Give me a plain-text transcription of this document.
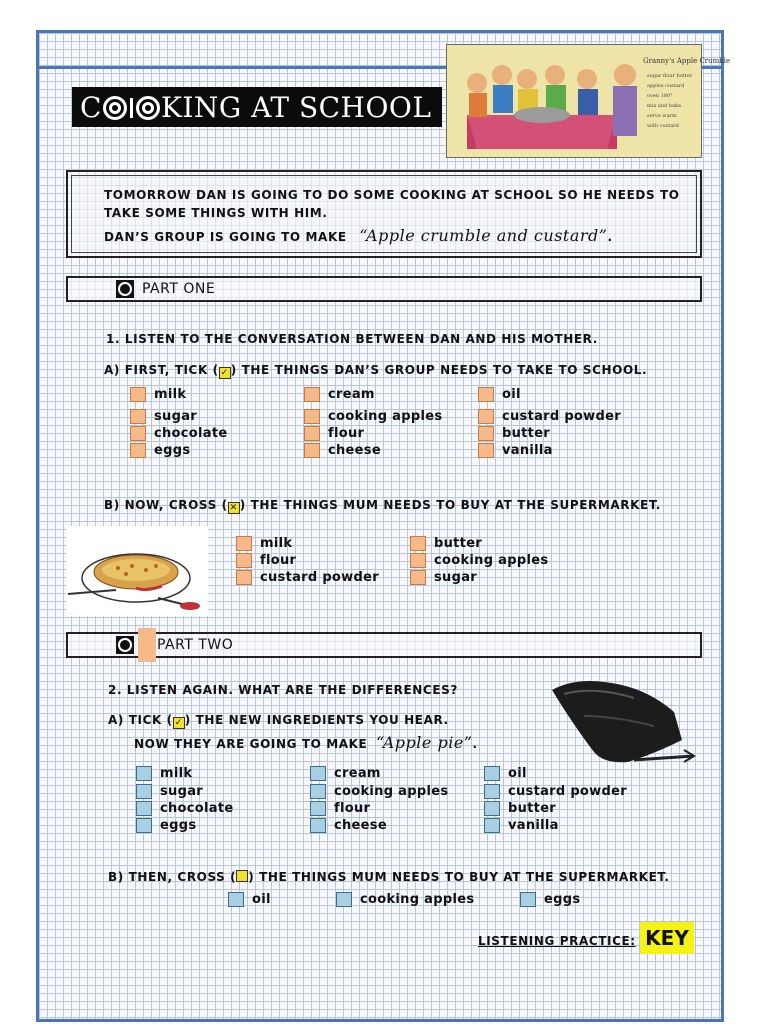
C KING AT SCHOOL
Granny's Apple Crumble
sugar flour butter
apples custard
oven 180°
mix and bake
serve warm
with custard
TOMORROW DAN IS GOING TO DO SOME COOKING AT SCHOOL SO HE NEEDS TO
TAKE SOME THINGS WITH HIM.
DAN’S GROUP IS GOING TO MAKE “Apple crumble and custard”.
PART ONE
1. LISTEN TO THE CONVERSATION BETWEEN DAN AND HIS MOTHER.
A) FIRST, TICK ( ✓ ) THE THINGS DAN’S GROUP NEEDS TO TAKE TO SCHOOL.
milk	cream	oil
sugar	cooking apples	custard powder
chocolate	flour	butter
eggs	cheese	vanilla
B) NOW, CROSS ( ✕ ) THE THINGS MUM NEEDS TO BUY AT THE SUPERMARKET.
milk	butter
flour	cooking apples
custard powder	sugar
PART TWO
2. LISTEN AGAIN. WHAT ARE THE DIFFERENCES?
A) TICK ( ✓ ) THE NEW INGREDIENTS YOU HEAR.
NOW THEY ARE GOING TO MAKE “Apple pie”.
milk	cream	oil
sugar	cooking apples	custard powder
chocolate	flour	butter
eggs	cheese	vanilla
B) THEN, CROSS (☒) THE THINGS MUM NEEDS TO BUY AT THE SUPERMARKET.
oil	cooking apples	eggs
LISTENING PRACTICE: KEY
